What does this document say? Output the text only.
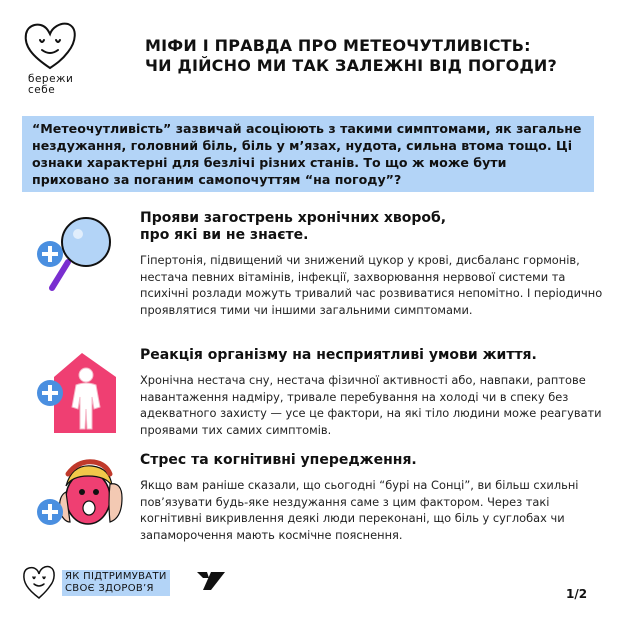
бережи
себе
МІФИ І ПРАВДА ПРО МЕТЕОЧУТЛИВІСТЬ:
ЧИ ДІЙСНО МИ ТАК ЗАЛЕЖНІ ВІД ПОГОДИ?
“Метеочутливість” зазвичай асоціюють з такими симптомами, як загальне нездужання, головний біль, біль у м’язах, нудота, сильна втома тощо. Ці ознаки характерні для безлічі різних станів. То що ж може бути приховано за поганим самопочуттям “на погоду”?
Прояви загострень хронічних хвороб,
про які ви не знаєте.
Гіпертонія, підвищений чи знижений цукор у крові, дисбаланс гормонів, нестача певних вітамінів, інфекції, захворювання нервової системи та психічні розлади можуть тривалий час розвиватися непомітно. І періодично проявлятися тими чи іншими загальними симптомами.
Реакція організму на несприятливі умови життя.
Хронічна нестача сну, нестача фізичної активності або, навпаки, раптове навантаження надміру, тривале перебування на холоді чи в спеку без адекватного захисту — усе це фактори, на які тіло людини може реагувати проявами тих самих симптомів.
Стрес та когнітивні упередження.
Якщо вам раніше сказали, що сьогодні “бурі на Сонці”, ви більш схильні пов’язувати будь-яке нездужання саме з цим фактором. Через такі когнітивні викривлення деякі люди переконані, що біль у суглобах чи запаморочення мають космічне пояснення.
ЯК ПІДТРИМУВАТИ
СВОЄ ЗДОРОВ’Я	1/2
